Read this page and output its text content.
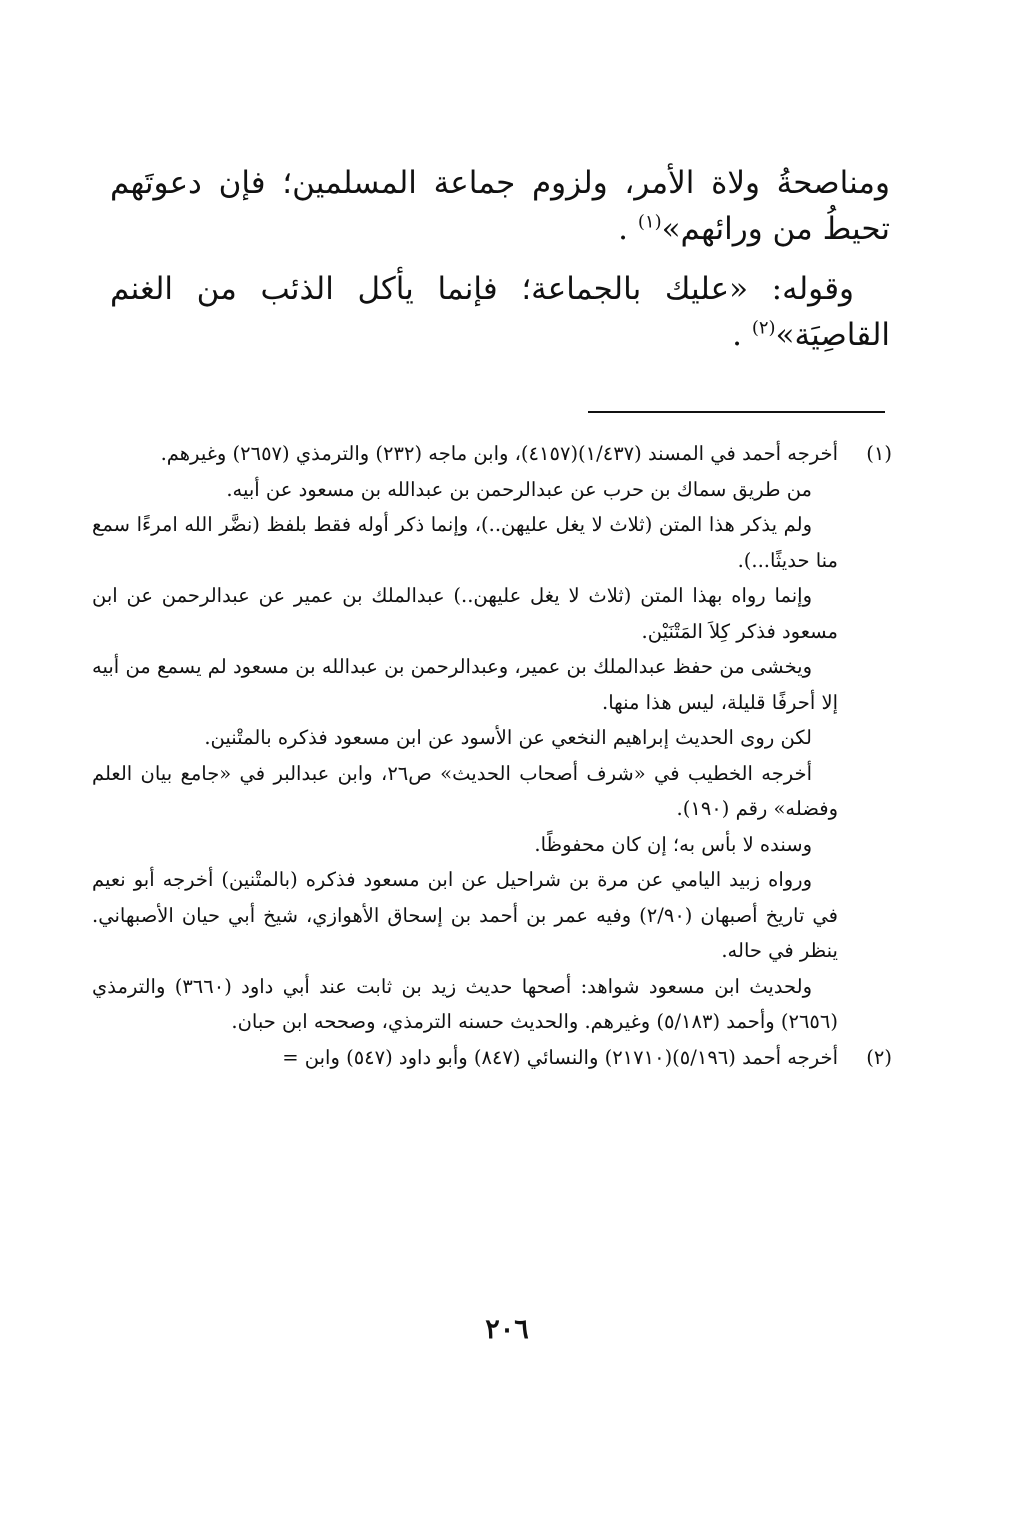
ومناصحةُ ولاة الأمر، ولزوم جماعة المسلمين؛ فإن دعوتَهم تحيطُ من ورائهم»$^{(١)}$ .

وقوله: «عليك بالجماعة؛ فإنما يأكل الذئب من الغنم القاصِيَة»$^{(٢)}$ .

(١)
أخرجه أحمد في المسند (١/٤٣٧)(٤١٥٧)، وابن ماجه (٢٣٢) والترمذي (٢٦٥٧) وغيرهم.
من طريق سماك بن حرب عن عبدالرحمن بن عبدالله بن مسعود عن أبيه.
ولم يذكر هذا المتن (ثلاث لا يغل عليهن..)، وإنما ذكر أوله فقط بلفظ (نضَّر الله امرءًا سمع منا حديثًا...).
وإنما رواه بهذا المتن (ثلاث لا يغل عليهن..) عبدالملك بن عمير عن عبدالرحمن عن ابن مسعود فذكر كِلاَ المَتْنَيْن.
ويخشى من حفظ عبدالملك بن عمير، وعبدالرحمن بن عبدالله بن مسعود لم يسمع من أبيه إلا أحرفًا قليلة، ليس هذا منها.
لكن روى الحديث إبراهيم النخعي عن الأسود عن ابن مسعود فذكره بالمتْنين.
أخرجه الخطيب في «شرف أصحاب الحديث» ص٢٦، وابن عبدالبر في «جامع بيان العلم وفضله» رقم (١٩٠).
وسنده لا بأس به؛ إن كان محفوظًا.
ورواه زبيد اليامي عن مرة بن شراحيل عن ابن مسعود فذكره (بالمتْنين) أخرجه أبو نعيم في تاريخ أصبهان (٢/٩٠) وفيه عمر بن أحمد بن إسحاق الأهوازي، شيخ أبي حيان الأصبهاني. ينظر في حاله.
ولحديث ابن مسعود شواهد: أصحها حديث زيد بن ثابت عند أبي داود (٣٦٦٠) والترمذي (٢٦٥٦) وأحمد (٥/١٨٣) وغيرهم. والحديث حسنه الترمذي، وصححه ابن حبان.
(٢)
أخرجه أحمد (٥/١٩٦)(٢١٧١٠) والنسائي (٨٤٧) وأبو داود (٥٤٧) وابن =
٢٠٦
